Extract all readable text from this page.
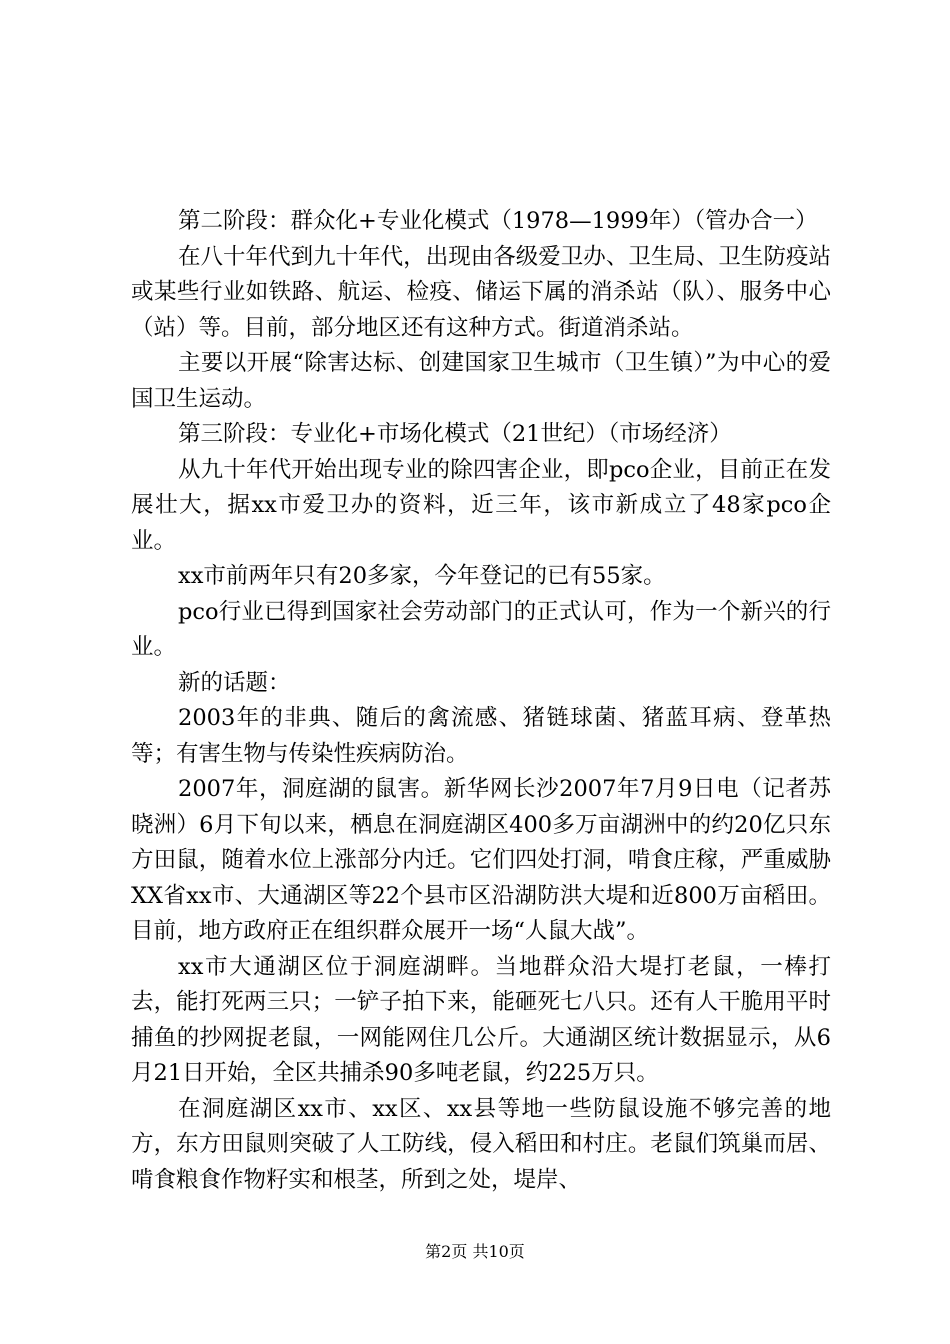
第二阶段：群众化+专业化模式（1978—1999年）（管办合一）

在八十年代到九十年代，出现由各级爱卫办、卫生局、卫生防疫站或某些行业如铁路、航运、检疫、储运下属的消杀站（队）、服务中心（站）等。目前，部分地区还有这种方式。街道消杀站。

主要以开展“除害达标、创建国家卫生城市（卫生镇）”为中心的爱国卫生运动。

第三阶段：专业化+市场化模式（21世纪）（市场经济）

从九十年代开始出现专业的除四害企业，即pco企业，目前正在发展壮大，据xx市爱卫办的资料，近三年，该市新成立了48家pco企业。

xx市前两年只有20多家，今年登记的已有55家。

pco行业已得到国家社会劳动部门的正式认可，作为一个新兴的行业。

新的话题：

2003年的非典、随后的禽流感、猪链球菌、猪蓝耳病、登革热等；有害生物与传染性疾病防治。

2007年，洞庭湖的鼠害。新华网长沙2007年7月9日电（记者苏晓洲）6月下旬以来，栖息在洞庭湖区400多万亩湖洲中的约20亿只东方田鼠，随着水位上涨部分内迁。它们四处打洞，啃食庄稼，严重威胁XX省xx市、大通湖区等22个县市区沿湖防洪大堤和近800万亩稻田。目前，地方政府正在组织群众展开一场“人鼠大战”。

xx市大通湖区位于洞庭湖畔。当地群众沿大堤打老鼠，一棒打去，能打死两三只；一铲子拍下来，能砸死七八只。还有人干脆用平时捕鱼的抄网捉老鼠，一网能网住几公斤。大通湖区统计数据显示，从6月21日开始，全区共捕杀90多吨老鼠，约225万只。

在洞庭湖区xx市、xx区、xx县等地一些防鼠设施不够完善的地方，东方田鼠则突破了人工防线，侵入稻田和村庄。老鼠们筑巢而居、啃食粮食作物籽实和根茎，所到之处，堤岸、

第2页 共10页
